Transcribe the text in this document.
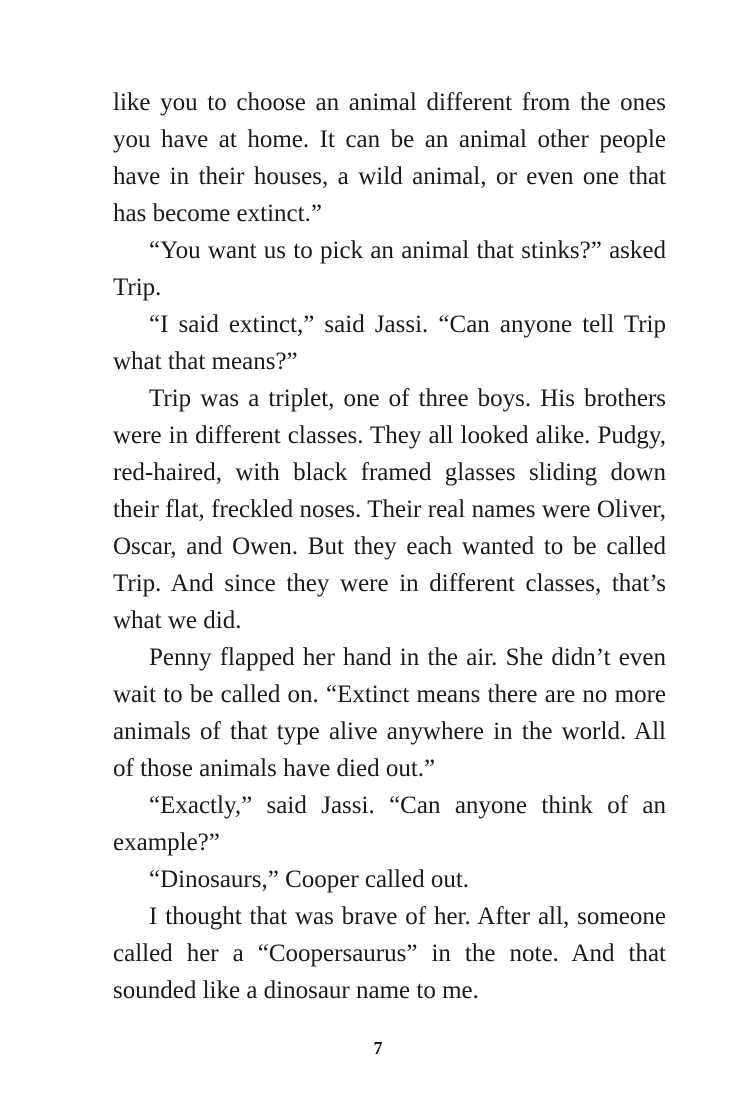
like you to choose an animal different from the ones you have at home. It can be an animal other people have in their houses, a wild animal, or even one that has become extinct.”

“You want us to pick an animal that stinks?” asked Trip.

“I said extinct,” said Jassi. “Can anyone tell Trip what that means?”

Trip was a triplet, one of three boys. His brothers were in different classes. They all looked alike. Pudgy, red-haired, with black framed glasses sliding down their flat, freckled noses. Their real names were Oliver, Oscar, and Owen. But they each wanted to be called Trip. And since they were in different classes, that’s what we did.

Penny flapped her hand in the air. She didn’t even wait to be called on. “Extinct means there are no more animals of that type alive anywhere in the world. All of those animals have died out.”

“Exactly,” said Jassi. “Can anyone think of an example?”

“Dinosaurs,” Cooper called out.

I thought that was brave of her. After all, someone called her a “Coopersaurus” in the note. And that sounded like a dinosaur name to me.

7
